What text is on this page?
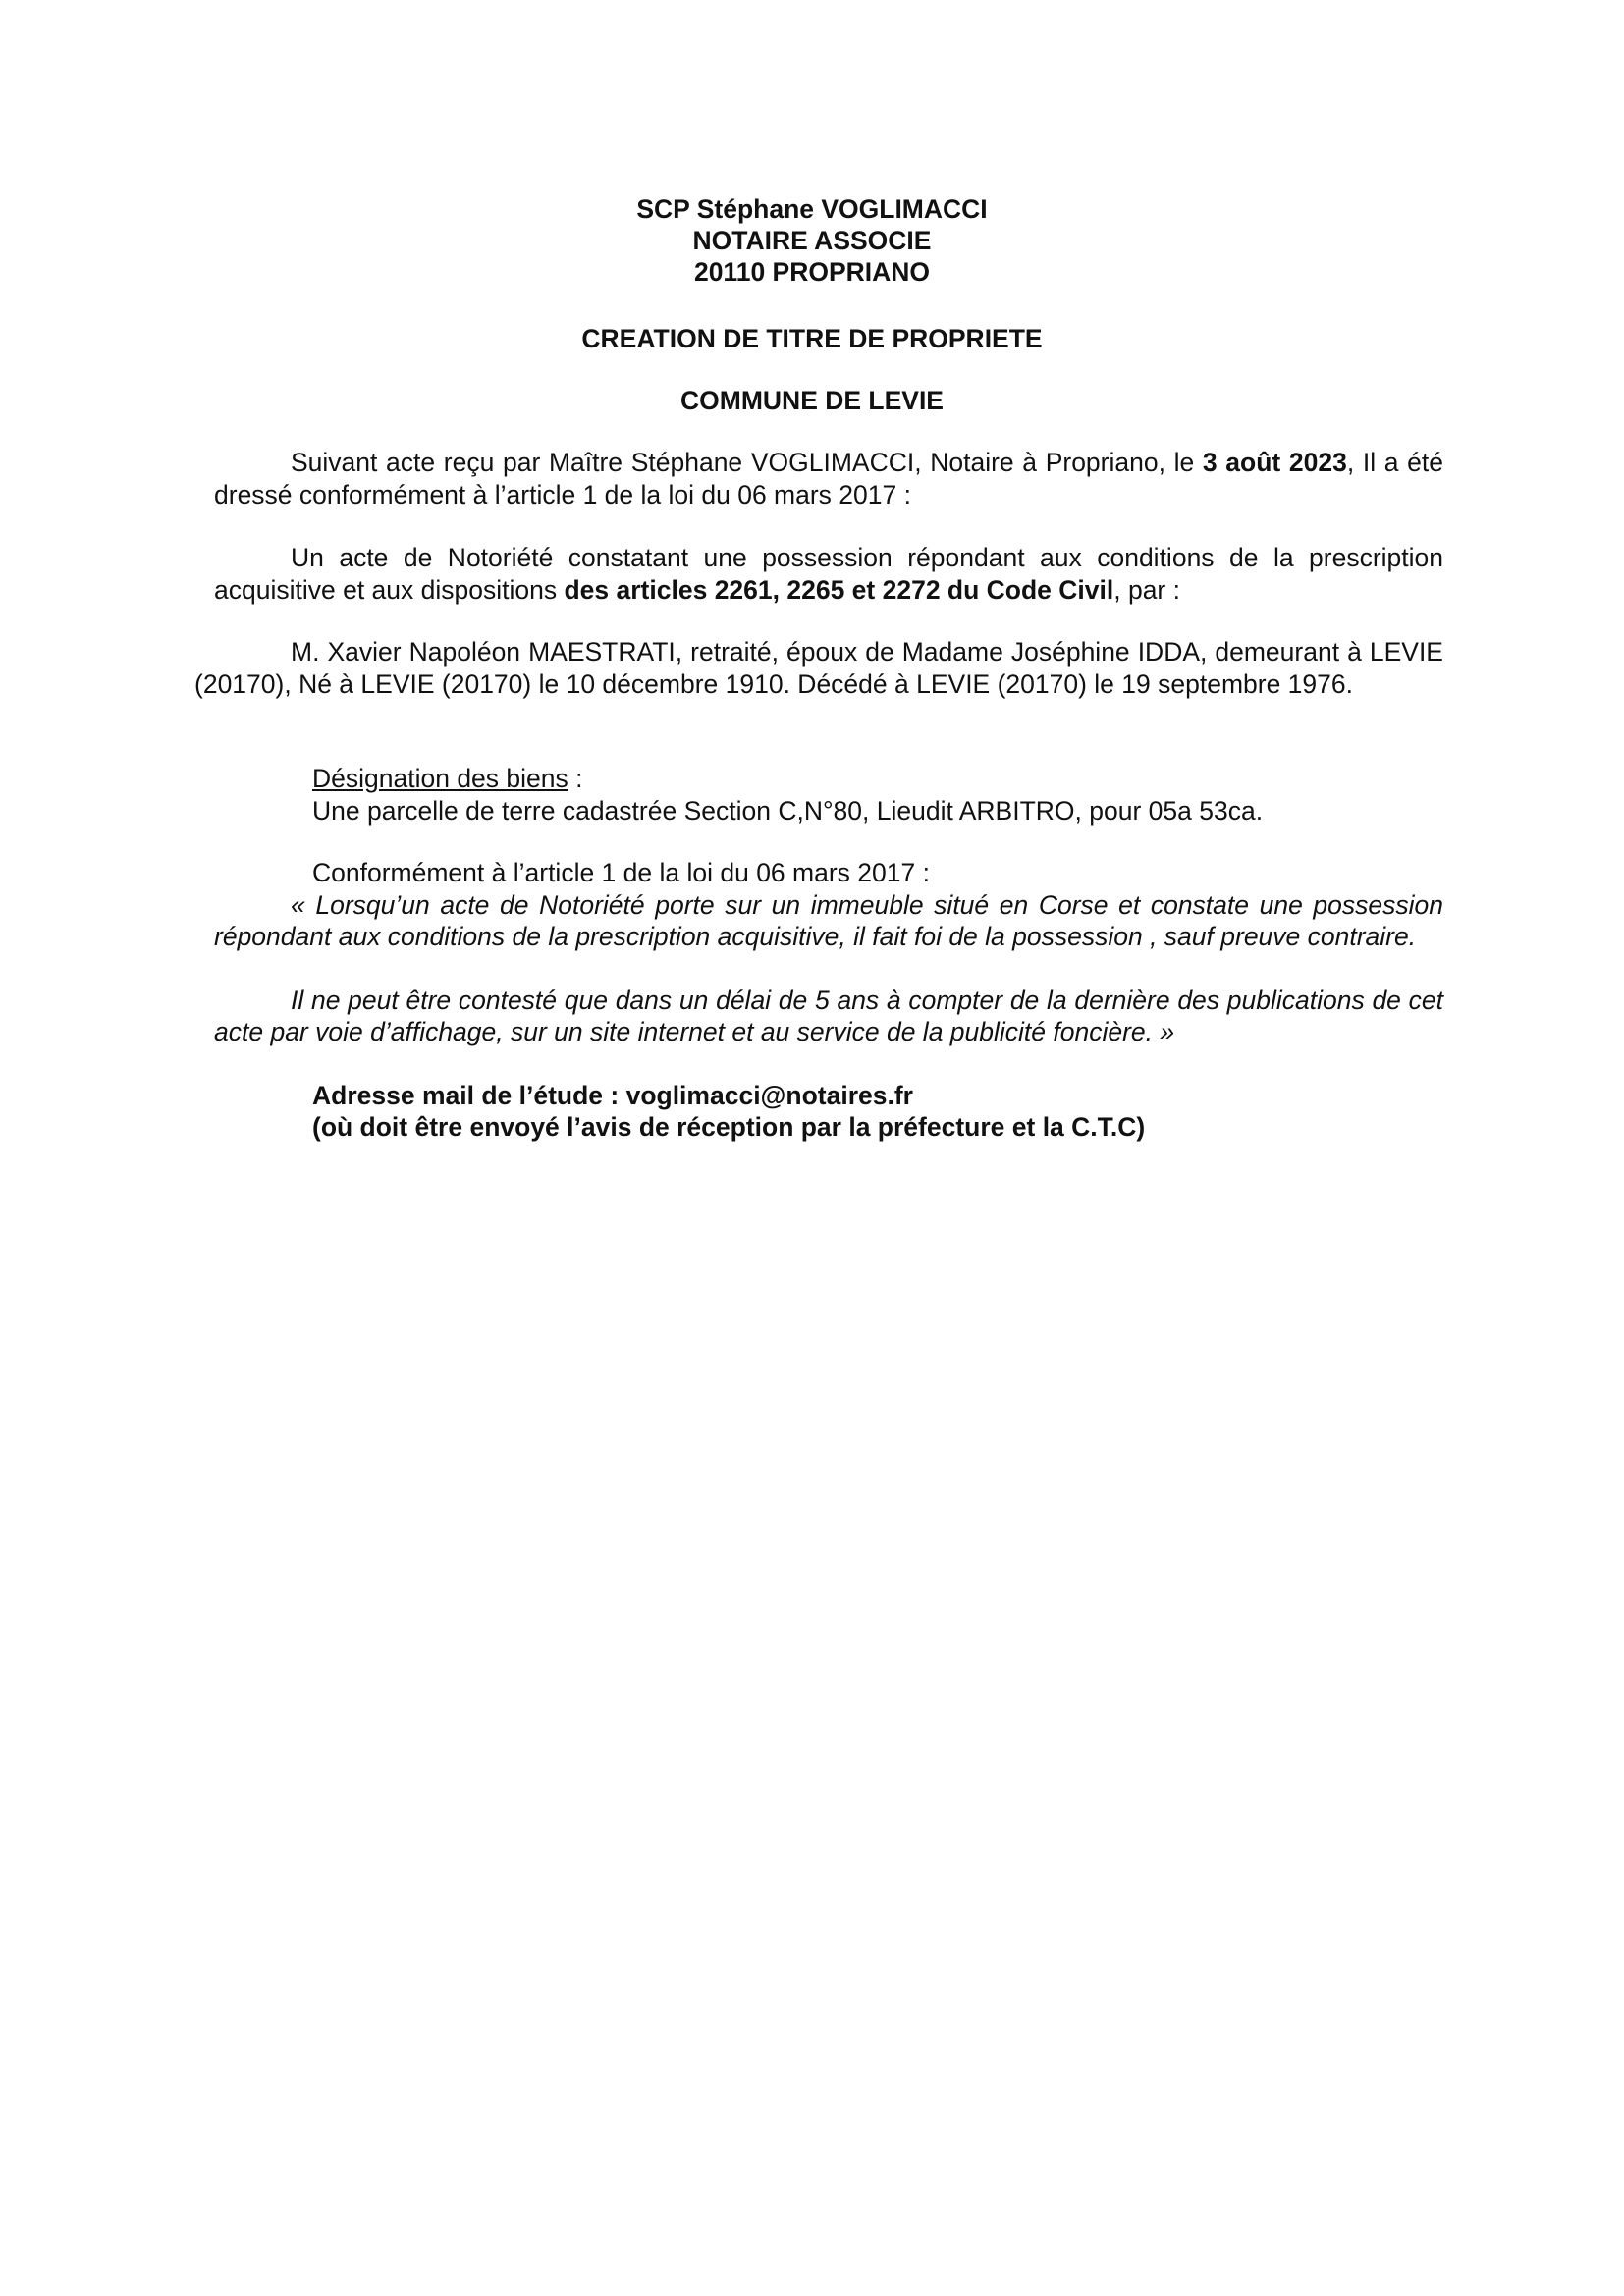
SCP Stéphane VOGLIMACCI
NOTAIRE ASSOCIE
20110 PROPRIANO
CREATION DE TITRE DE PROPRIETE
COMMUNE DE LEVIE
Suivant acte reçu par Maître Stéphane VOGLIMACCI, Notaire à Propriano, le 3 août 2023, Il a été dressé conformément à l’article 1 de la loi du 06 mars 2017 :
Un acte de Notoriété constatant une possession répondant aux conditions de la prescription acquisitive et aux dispositions des articles 2261, 2265 et 2272 du Code Civil, par :
M. Xavier Napoléon MAESTRATI, retraité, époux de Madame Joséphine IDDA, demeurant à LEVIE (20170), Né à LEVIE (20170) le 10 décembre 1910. Décédé à LEVIE (20170) le 19 septembre 1976.
Désignation des biens :
Une parcelle de terre cadastrée Section C,N°80, Lieudit ARBITRO, pour 05a 53ca.
Conformément à l’article 1 de la loi du 06 mars 2017 :
« Lorsqu’un acte de Notoriété porte sur un immeuble situé en Corse et constate une possession répondant aux conditions de la prescription acquisitive, il fait foi de la possession , sauf preuve contraire.
Il ne peut être contesté que dans un délai de 5 ans à compter de la dernière des publications de cet acte par voie d’affichage, sur un site internet et au service de la publicité foncière. »
Adresse mail de l’étude : voglimacci@notaires.fr
(où doit être envoyé l’avis de réception par la préfecture et la C.T.C)
